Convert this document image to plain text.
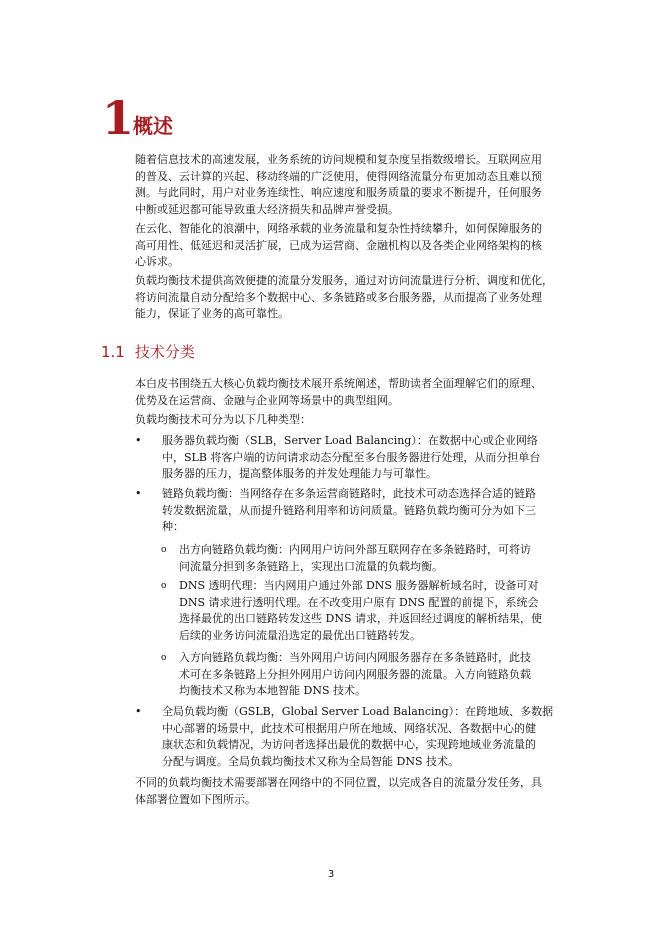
1
概述
随着信息技术的高速发展，业务系统的访问规模和复杂度呈指数级增长。互联网应用
的普及、云计算的兴起、移动终端的广泛使用，使得网络流量分布更加动态且难以预
测。与此同时，用户对业务连续性、响应速度和服务质量的要求不断提升，任何服务
中断或延迟都可能导致重大经济损失和品牌声誉受损。
在云化、智能化的浪潮中，网络承载的业务流量和复杂性持续攀升，如何保障服务的
高可用性、低延迟和灵活扩展，已成为运营商、金融机构以及各类企业网络架构的核
心诉求。
负载均衡技术提供高效便捷的流量分发服务，通过对访问流量进行分析、调度和优化，
将访问流量自动分配给多个数据中心、多条链路或多台服务器，从而提高了业务处理
能力，保证了业务的高可靠性。
1.1 技术分类
本白皮书围绕五大核心负载均衡技术展开系统阐述，帮助读者全面理解它们的原理、
优势及在运营商、金融与企业网等场景中的典型组网。
负载均衡技术可分为以下几种类型：
• 服务器负载均衡（SLB，Server Load Balancing）：在数据中心或企业网络
中，SLB 将客户端的访问请求动态分配至多台服务器进行处理，从而分担单台
服务器的压力，提高整体服务的并发处理能力与可靠性。
• 链路负载均衡：当网络存在多条运营商链路时，此技术可动态选择合适的链路
转发数据流量，从而提升链路利用率和访问质量。链路负载均衡可分为如下三
种：
o 出方向链路负载均衡：内网用户访问外部互联网存在多条链路时，可将访
问流量分担到多条链路上，实现出口流量的负载均衡。
o DNS 透明代理：当内网用户通过外部 DNS 服务器解析域名时，设备可对
DNS 请求进行透明代理。在不改变用户原有 DNS 配置的前提下，系统会
选择最优的出口链路转发这些 DNS 请求，并返回经过调度的解析结果，使
后续的业务访问流量沿选定的最优出口链路转发。
o 入方向链路负载均衡：当外网用户访问内网服务器存在多条链路时，此技
术可在多条链路上分担外网用户访问内网服务器的流量。入方向链路负载
均衡技术又称为本地智能 DNS 技术。
• 全局负载均衡（GSLB，Global Server Load Balancing）：在跨地域、多数据
中心部署的场景中，此技术可根据用户所在地域、网络状况、各数据中心的健
康状态和负载情况，为访问者选择出最优的数据中心，实现跨地域业务流量的
分配与调度。全局负载均衡技术又称为全局智能 DNS 技术。
不同的负载均衡技术需要部署在网络中的不同位置，以完成各自的流量分发任务，具
体部署位置如下图所示。
3
